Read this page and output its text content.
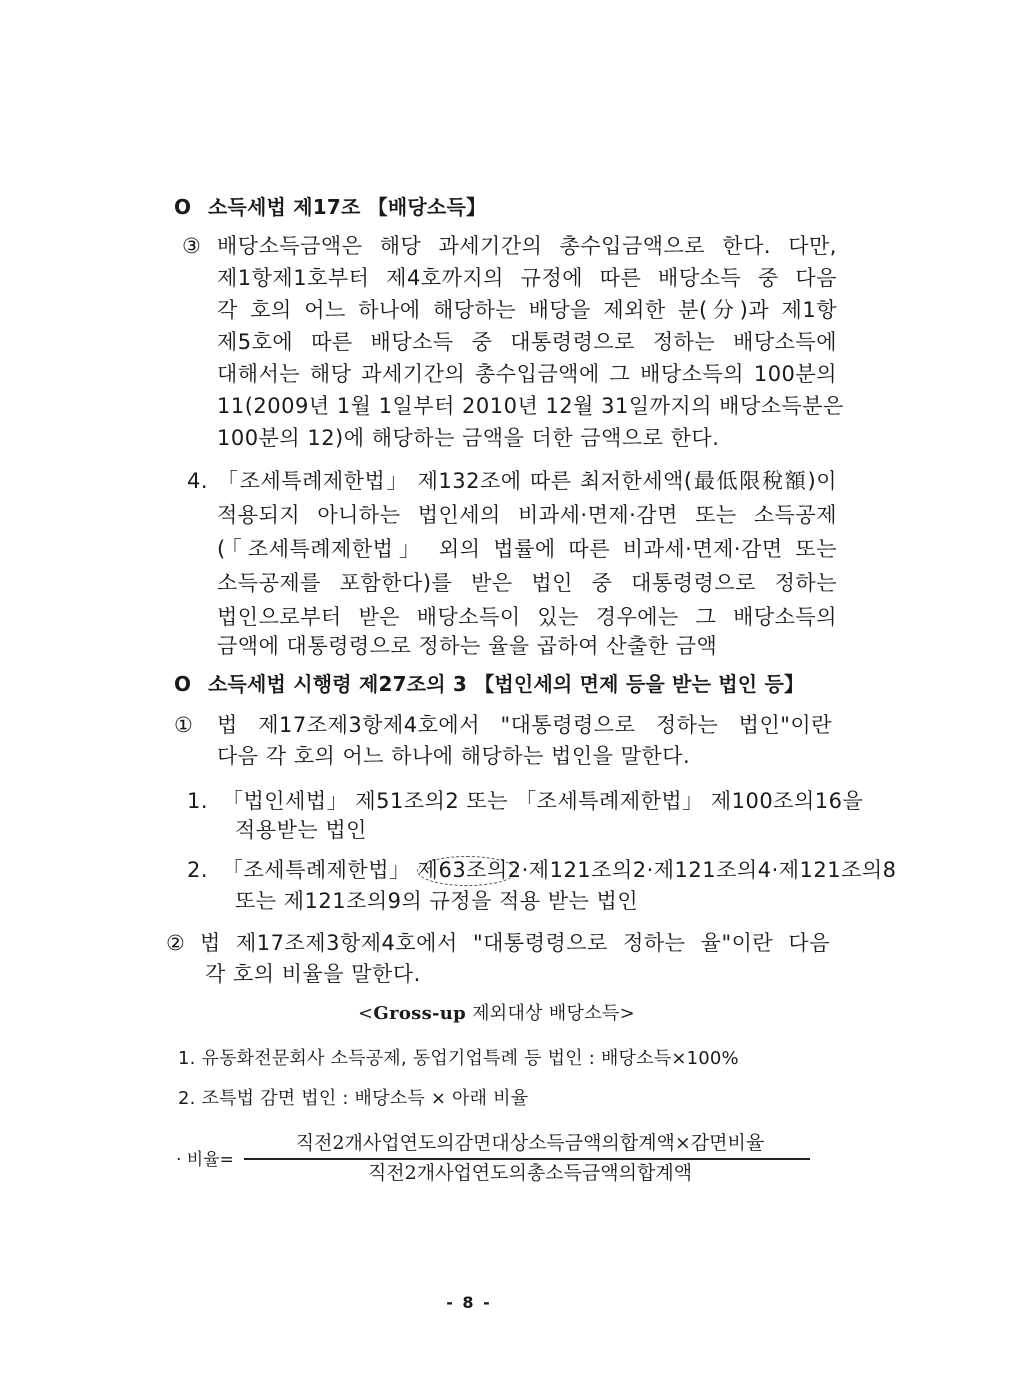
O 소득세법 제17조 【배당소득】
③ 배당소득금액은 해당 과세기간의 총수입금액으로 한다. 다만,
제1항제1호부터 제4호까지의 규정에 따른 배당소득 중 다음
각 호의 어느 하나에 해당하는 배당을 제외한 분(分)과 제1항
제5호에 따른 배당소득 중 대통령령으로 정하는 배당소득에
대해서는 해당 과세기간의 총수입금액에 그 배당소득의 100분의
11(2009년 1월 1일부터 2010년 12월 31일까지의 배당소득분은
100분의 12)에 해당하는 금액을 더한 금액으로 한다.
4. 「조세특례제한법」 제132조에 따른 최저한세액(最低限稅額)이
적용되지 아니하는 법인세의 비과세·면제·감면 또는 소득공제
(「조세특례제한법」 외의 법률에 따른 비과세·면제·감면 또는
소득공제를 포함한다)를 받은 법인 중 대통령령으로 정하는
법인으로부터 받은 배당소득이 있는 경우에는 그 배당소득의
금액에 대통령령으로 정하는 율을 곱하여 산출한 금액
O 소득세법 시행령 제27조의 3 【법인세의 면제 등을 받는 법인 등】
① 법 제17조제3항제4호에서 "대통령령으로 정하는 법인"이란
다음 각 호의 어느 하나에 해당하는 법인을 말한다.
1. 「법인세법」 제51조의2 또는 「조세특례제한법」 제100조의16을
적용받는 법인
2. 「조세특례제한법」 제63조의2·제121조의2·제121조의4·제121조의8
또는 제121조의9의 규정을 적용 받는 법인
② 법 제17조제3항제4호에서 "대통령령으로 정하는 율"이란 다음
각 호의 비율을 말한다.
<Gross-up 제외대상 배당소득>
1. 유동화전문회사 소득공제, 동업기업특례 등 법인 : 배당소득×100%
2. 조특법 감면 법인 : 배당소득 × 아래 비율
· 비율=
직전2개사업연도의감면대상소득금액의합계액×감면비율
직전2개사업연도의총소득금액의합계액
- 8 -
